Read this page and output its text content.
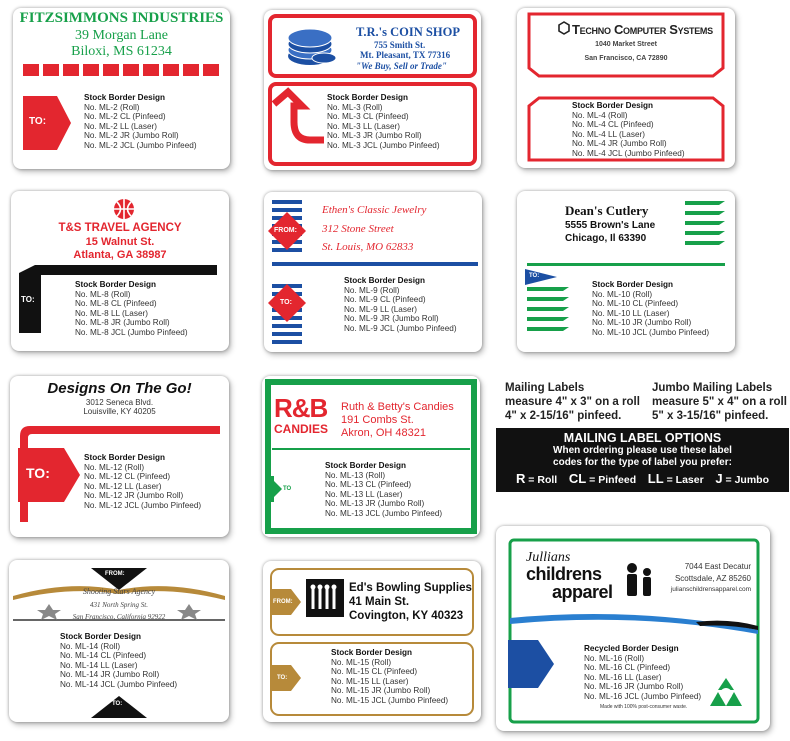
FITZSIMMONS INDUSTRIES
39 Morgan Lane
Biloxi, MS 61234
TO:
Stock Border Design
No. ML-2 (Roll)
No. ML-2 CL (Pinfeed)
No. ML-2 LL (Laser)
No. ML-2 JR (Jumbo Roll)
No. ML-2 JCL (Jumbo Pinfeed)
T.R.'s COIN SHOP
755 Smith St.
Mt. Pleasant, TX 77316
"We Buy, Sell or Trade"
Stock Border Design
No. ML-3 (Roll)
No. ML-3 CL (Pinfeed)
No. ML-3 LL (Laser)
No. ML-3 JR (Jumbo Roll)
No. ML-3 JCL (Jumbo Pinfeed)
Techno Computer Systems
1040 Market Street
San Francisco, CA 72890
Stock Border Design
No. ML-4 (Roll)
No. ML-4 CL (Pinfeed)
No. ML-4 LL (Laser)
No. ML-4 JR (Jumbo Roll)
No. ML-4 JCL (Jumbo Pinfeed)
T&S TRAVEL AGENCY
15 Walnut St.
Atlanta, GA 38987
TO:
Stock Border Design
No. ML-8 (Roll)
No. ML-8 CL (Pinfeed)
No. ML-8 LL (Laser)
No. ML-8 JR (Jumbo Roll)
No. ML-8 JCL (Jumbo Pinfeed)
FROM:
TO:
Ethen's Classic Jewelry
312 Stone Street
St. Louis, MO 62833
Stock Border Design
No. ML-9 (Roll)
No. ML-9 CL (Pinfeed)
No. ML-9 LL (Laser)
No. ML-9 JR (Jumbo Roll)
No. ML-9 JCL (Jumbo Pinfeed)
TO:
Dean's Cutlery
5555 Brown's Lane
Chicago, Il 63390
Stock Border Design
No. ML-10 (Roll)
No. ML-10 CL (Pinfeed)
No. ML-10 LL (Laser)
No. ML-10 JR (Jumbo Roll)
No. ML-10 JCL (Jumbo Pinfeed)
Designs On The Go!
3012 Seneca Blvd.
Louisville, KY 40205
TO:
Stock Border Design
No. ML-12 (Roll)
No. ML-12 CL (Pinfeed)
No. ML-12 LL (Laser)
No. ML-12 JR (Jumbo Roll)
No. ML-12 JCL (Jumbo Pinfeed)
R&B
CANDIES
Ruth & Betty's Candies
191 Combs St.
Akron, OH 48321
TO
Stock Border Design
No. ML-13 (Roll)
No. ML-13 CL (Pinfeed)
No. ML-13 LL (Laser)
No. ML-13 JR (Jumbo Roll)
No. ML-13 JCL (Jumbo Pinfeed)
Mailing Labels
measure 4" x 3" on a roll
4" x 2-15/16" pinfeed.
Jumbo Mailing Labels
measure 5" x 4" on a roll
5" x 3-15/16" pinfeed.
MAILING LABEL OPTIONS
When ordering please use these label
codes for the type of label you prefer:
R = Roll CL = Pinfeed LL = Laser J = Jumbo
FROM:
Shooting Stars Agency
431 North Spring St.
San Francisco, California 92922
TO:
Stock Border Design
No. ML-14 (Roll)
No. ML-14 CL (Pinfeed)
No. ML-14 LL (Laser)
No. ML-14 JR (Jumbo Roll)
No. ML-14 JCL (Jumbo Pinfeed)
FROM:
TO:
Ed's Bowling Supplies
41 Main St.
Covington, KY 40323
Stock Border Design
No. ML-15 (Roll)
No. ML-15 CL (Pinfeed)
No. ML-15 LL (Laser)
No. ML-15 JR (Jumbo Roll)
No. ML-15 JCL (Jumbo Pinfeed)
Jullians
childrens
apparel
7044 East Decatur
Scottsdale, AZ 85260
julianschildrensapparel.com
Recycled Border Design
No. ML-16 (Roll)
No. ML-16 CL (Pinfeed)
No. ML-16 LL (Laser)
No. ML-16 JR (Jumbo Roll)
No. ML-16 JCL (Jumbo Pinfeed)
Made with 100% post-consumer waste.
